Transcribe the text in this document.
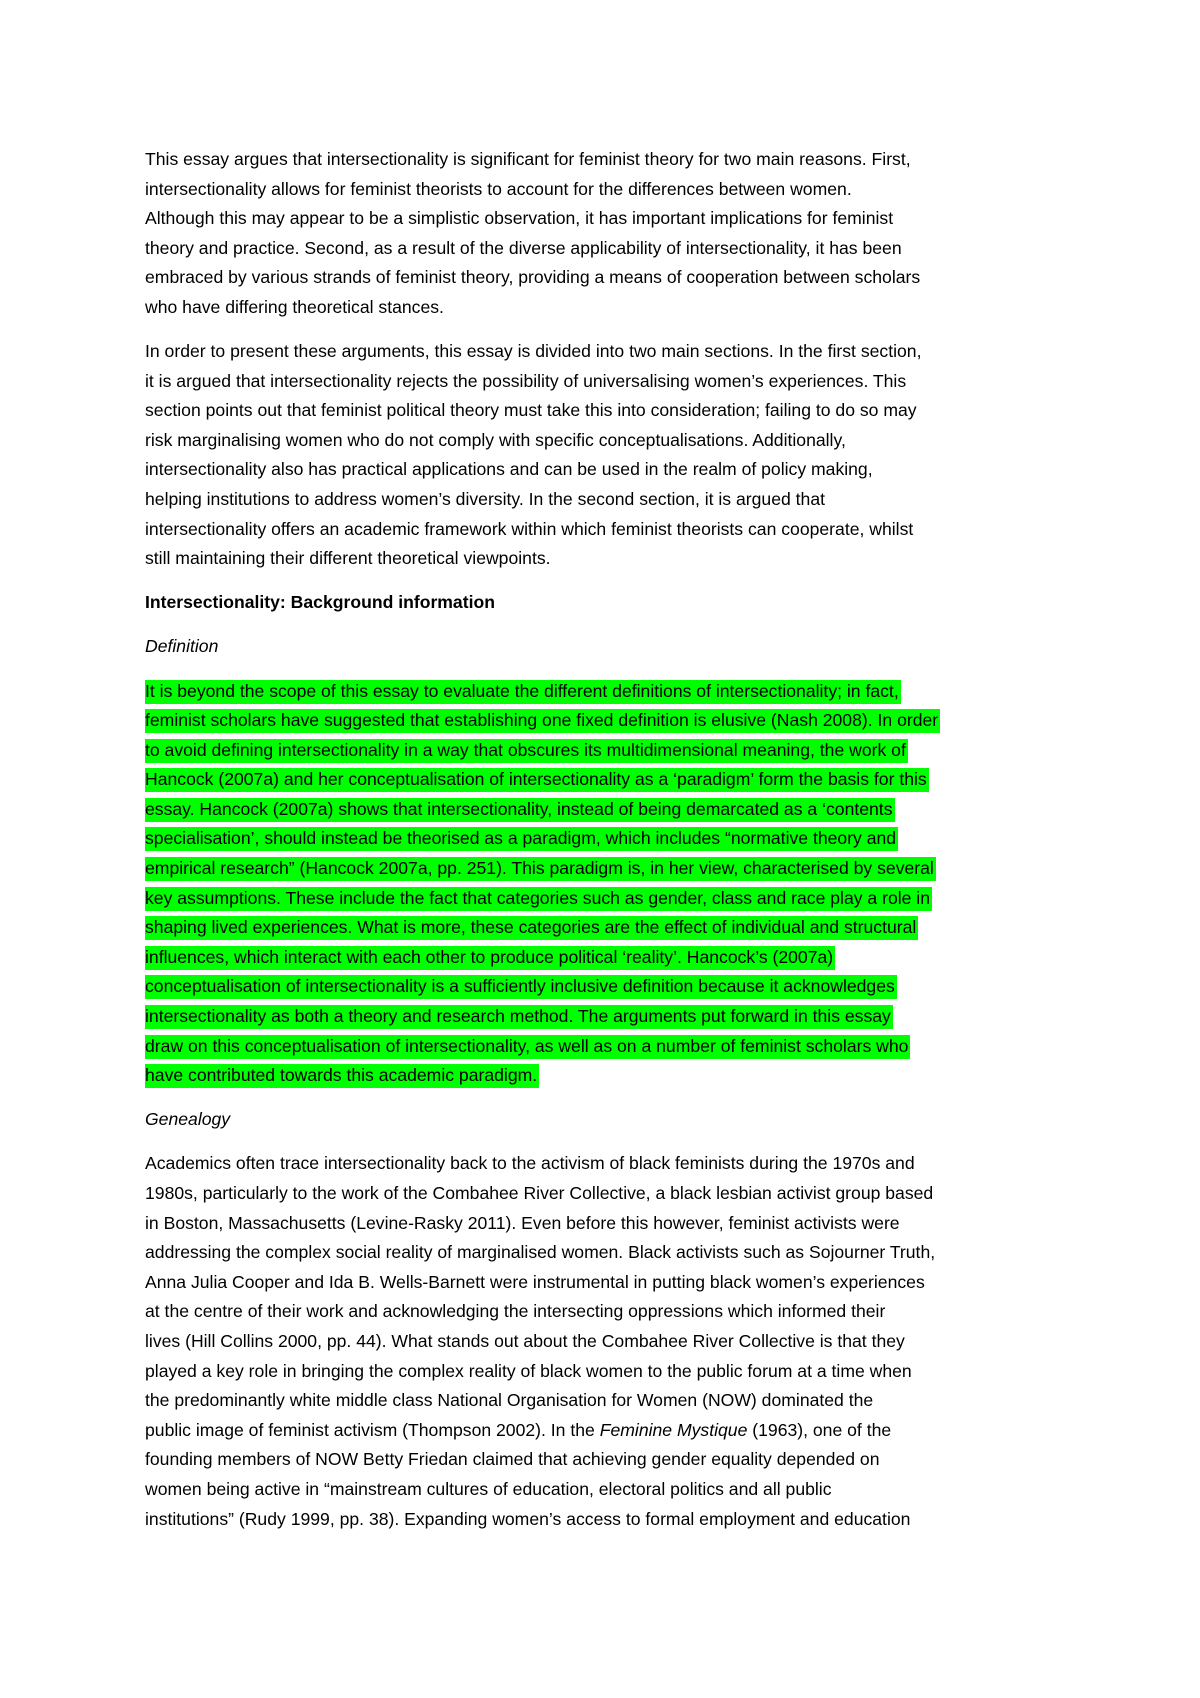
This essay argues that intersectionality is significant for feminist theory for two main reasons. First,
intersectionality allows for feminist theorists to account for the differences between women.
Although this may appear to be a simplistic observation, it has important implications for feminist
theory and practice. Second, as a result of the diverse applicability of intersectionality, it has been
embraced by various strands of feminist theory, providing a means of cooperation between scholars
who have differing theoretical stances.
In order to present these arguments, this essay is divided into two main sections. In the first section,
it is argued that intersectionality rejects the possibility of universalising women’s experiences. This
section points out that feminist political theory must take this into consideration; failing to do so may
risk marginalising women who do not comply with specific conceptualisations. Additionally,
intersectionality also has practical applications and can be used in the realm of policy making,
helping institutions to address women’s diversity. In the second section, it is argued that
intersectionality offers an academic framework within which feminist theorists can cooperate, whilst
still maintaining their different theoretical viewpoints.
Intersectionality: Background information
Definition
It is beyond the scope of this essay to evaluate the different definitions of intersectionality; in fact,
feminist scholars have suggested that establishing one fixed definition is elusive (Nash 2008). In order
to avoid defining intersectionality in a way that obscures its multidimensional meaning, the work of
Hancock (2007a) and her conceptualisation of intersectionality as a ‘paradigm’ form the basis for this
essay. Hancock (2007a) shows that intersectionality, instead of being demarcated as a ‘contents
specialisation’, should instead be theorised as a paradigm, which includes “normative theory and
empirical research” (Hancock 2007a, pp. 251). This paradigm is, in her view, characterised by several
key assumptions. These include the fact that categories such as gender, class and race play a role in
shaping lived experiences. What is more, these categories are the effect of individual and structural
influences, which interact with each other to produce political ‘reality’. Hancock’s (2007a)
conceptualisation of intersectionality is a sufficiently inclusive definition because it acknowledges
intersectionality as both a theory and research method. The arguments put forward in this essay
draw on this conceptualisation of intersectionality, as well as on a number of feminist scholars who
have contributed towards this academic paradigm.
Genealogy
Academics often trace intersectionality back to the activism of black feminists during the 1970s and
1980s, particularly to the work of the Combahee River Collective, a black lesbian activist group based
in Boston, Massachusetts (Levine-Rasky 2011). Even before this however, feminist activists were
addressing the complex social reality of marginalised women. Black activists such as Sojourner Truth,
Anna Julia Cooper and Ida B. Wells-Barnett were instrumental in putting black women’s experiences
at the centre of their work and acknowledging the intersecting oppressions which informed their
lives (Hill Collins 2000, pp. 44). What stands out about the Combahee River Collective is that they
played a key role in bringing the complex reality of black women to the public forum at a time when
the predominantly white middle class National Organisation for Women (NOW) dominated the
public image of feminist activism (Thompson 2002). In the Feminine Mystique (1963), one of the
founding members of NOW Betty Friedan claimed that achieving gender equality depended on
women being active in “mainstream cultures of education, electoral politics and all public
institutions” (Rudy 1999, pp. 38). Expanding women’s access to formal employment and education
